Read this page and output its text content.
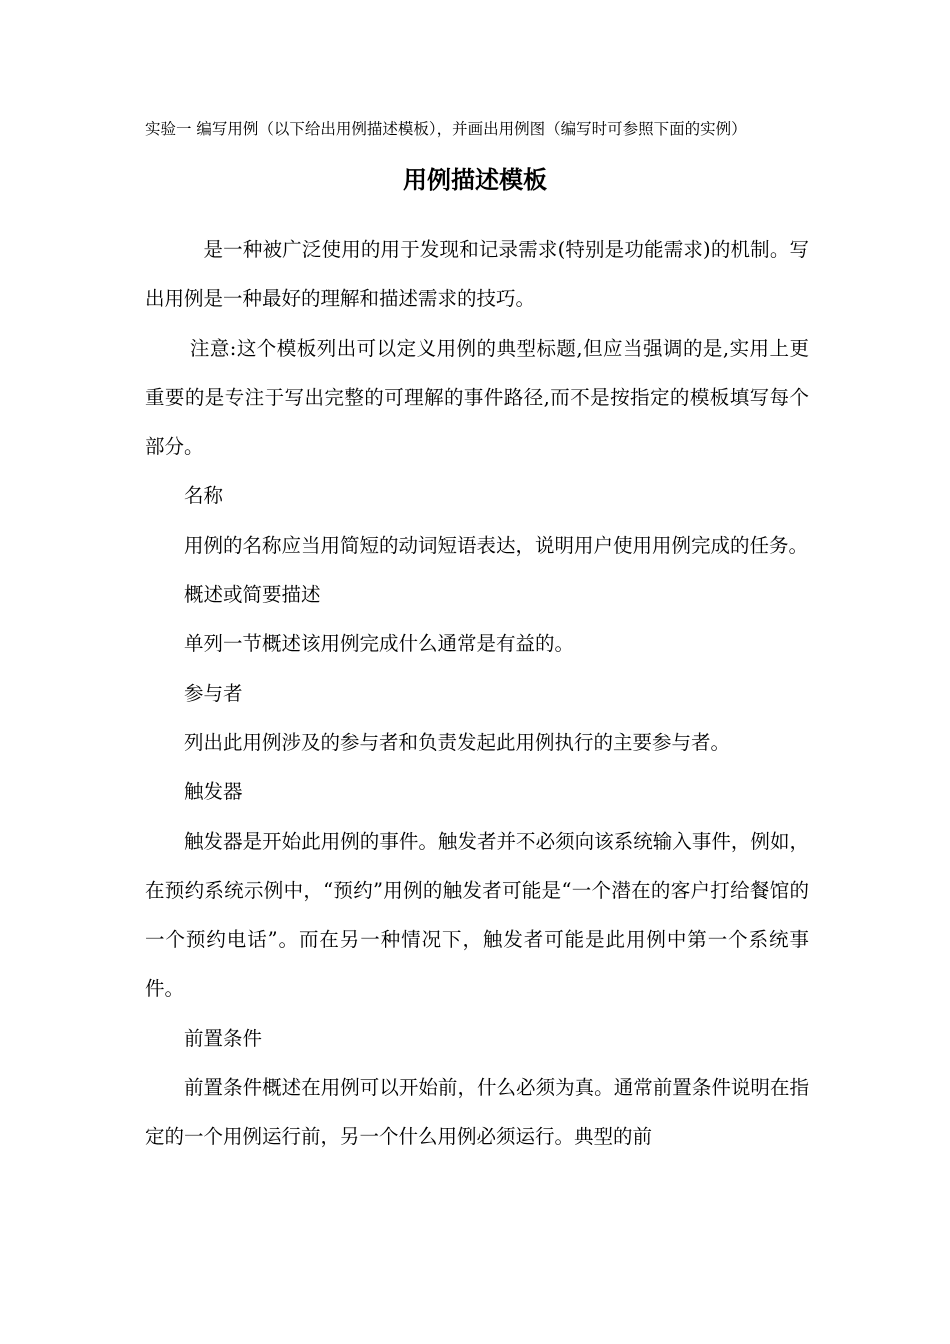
实验一 编写用例（以下给出用例描述模板），并画出用例图（编写时可参照下面的实例）
用例描述模板

是一种被广泛使用的用于发现和记录需求(特别是功能需求)的机制。写出用例是一种最好的理解和描述需求的技巧。

注意:这个模板列出可以定义用例的典型标题,但应当强调的是,实用上更重要的是专注于写出完整的可理解的事件路径,而不是按指定的模板填写每个部分。

名称

用例的名称应当用简短的动词短语表达，说明用户使用用例完成的任务。

概述或简要描述

单列一节概述该用例完成什么通常是有益的。

参与者

列出此用例涉及的参与者和负责发起此用例执行的主要参与者。

触发器

触发器是开始此用例的事件。触发者并不必须向该系统输入事件，例如，在预约系统示例中，“预约”用例的触发者可能是“一个潜在的客户打给餐馆的一个预约电话”。而在另一种情况下，触发者可能是此用例中第一个系统事件。

前置条件

前置条件概述在用例可以开始前，什么必须为真。通常前置条件说明在指定的一个用例运行前，另一个什么用例必须运行。典型的前
